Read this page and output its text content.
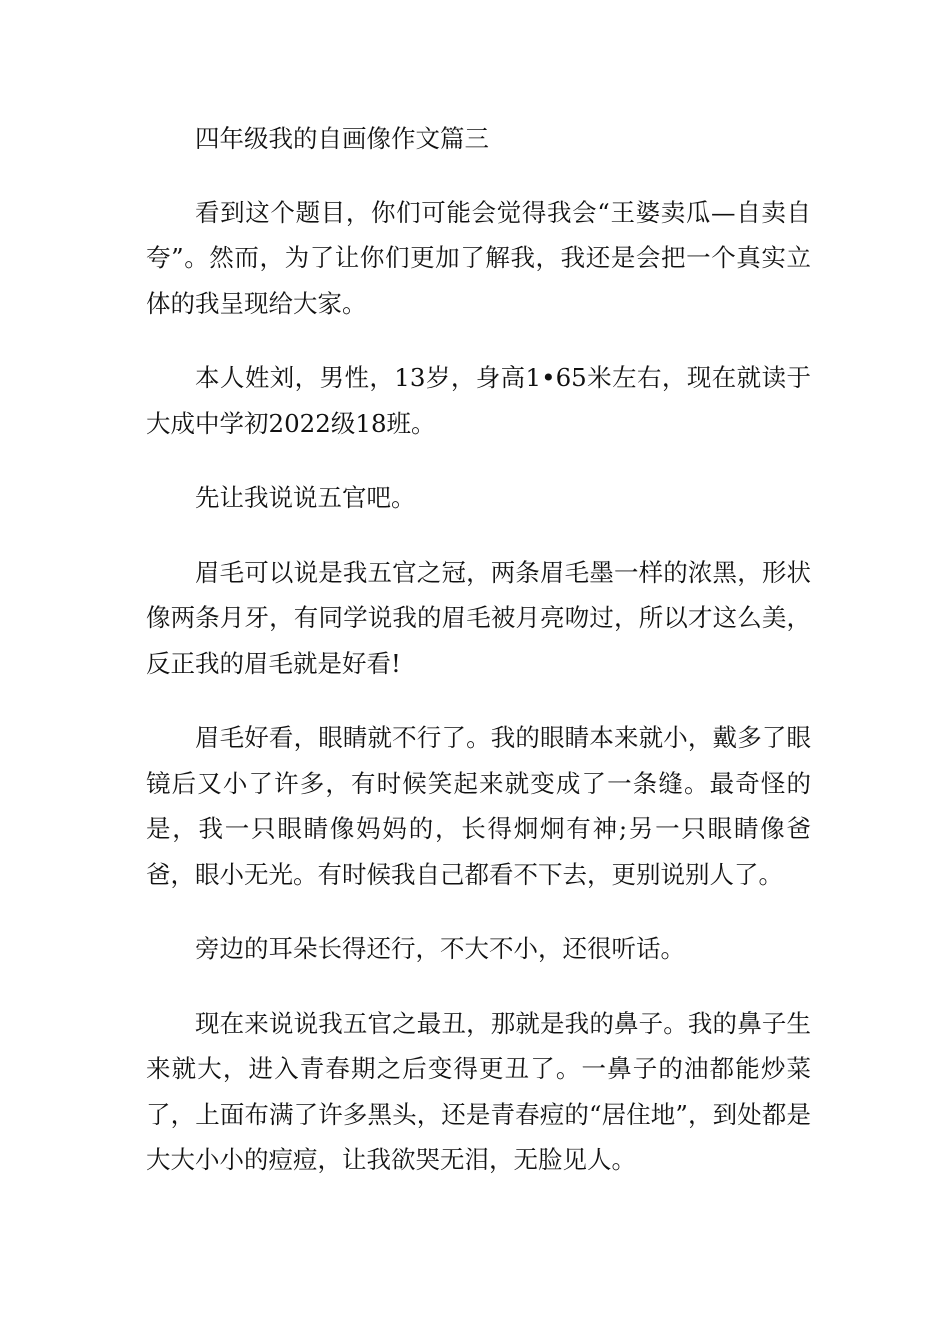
四年级我的自画像作文篇三

看到这个题目，你们可能会觉得我会“王婆卖瓜—自卖自夸”。然而，为了让你们更加了解我，我还是会把一个真实立体的我呈现给大家。

本人姓刘，男性，13岁，身高1•65米左右，现在就读于大成中学初2022级18班。

先让我说说五官吧。

眉毛可以说是我五官之冠，两条眉毛墨一样的浓黑，形状像两条月牙，有同学说我的眉毛被月亮吻过，所以才这么美，反正我的眉毛就是好看!

眉毛好看，眼睛就不行了。我的眼睛本来就小，戴多了眼镜后又小了许多，有时候笑起来就变成了一条缝。最奇怪的是，我一只眼睛像妈妈的，长得炯炯有神;另一只眼睛像爸爸，眼小无光。有时候我自己都看不下去，更别说别人了。

旁边的耳朵长得还行，不大不小，还很听话。

现在来说说我五官之最丑，那就是我的鼻子。我的鼻子生来就大，进入青春期之后变得更丑了。一鼻子的油都能炒菜了，上面布满了许多黑头，还是青春痘的“居住地”，到处都是大大小小的痘痘，让我欲哭无泪，无脸见人。
